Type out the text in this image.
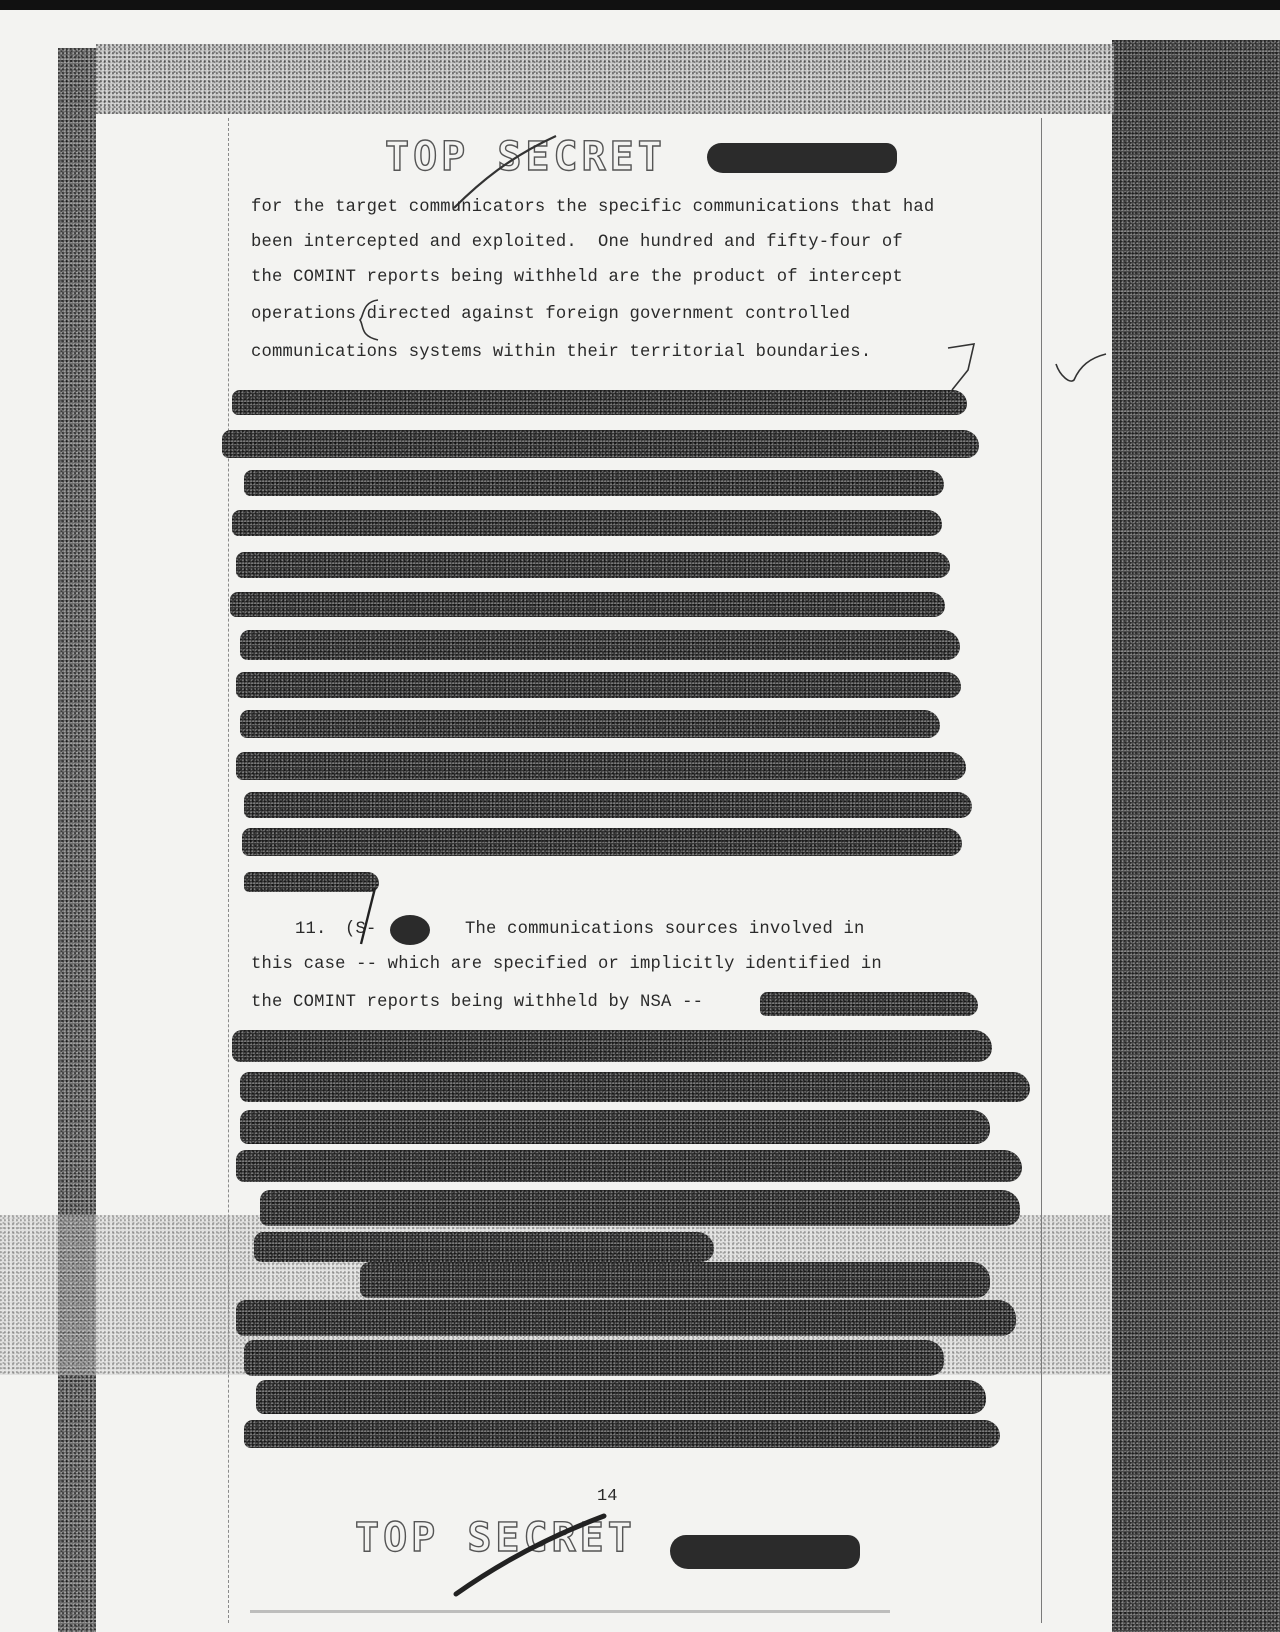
TOP SECRET
for the target communicators the specific communications that had
been intercepted and exploited.  One hundred and fifty-four of
the COMINT reports being withheld are the product of intercept
operations directed against foreign government controlled
communications systems within their territorial boundaries.
11. (S-	The communications sources involved in
this case -- which are specified or implicitly identified in
the COMINT reports being withheld by NSA --
14
TOP SECRET
